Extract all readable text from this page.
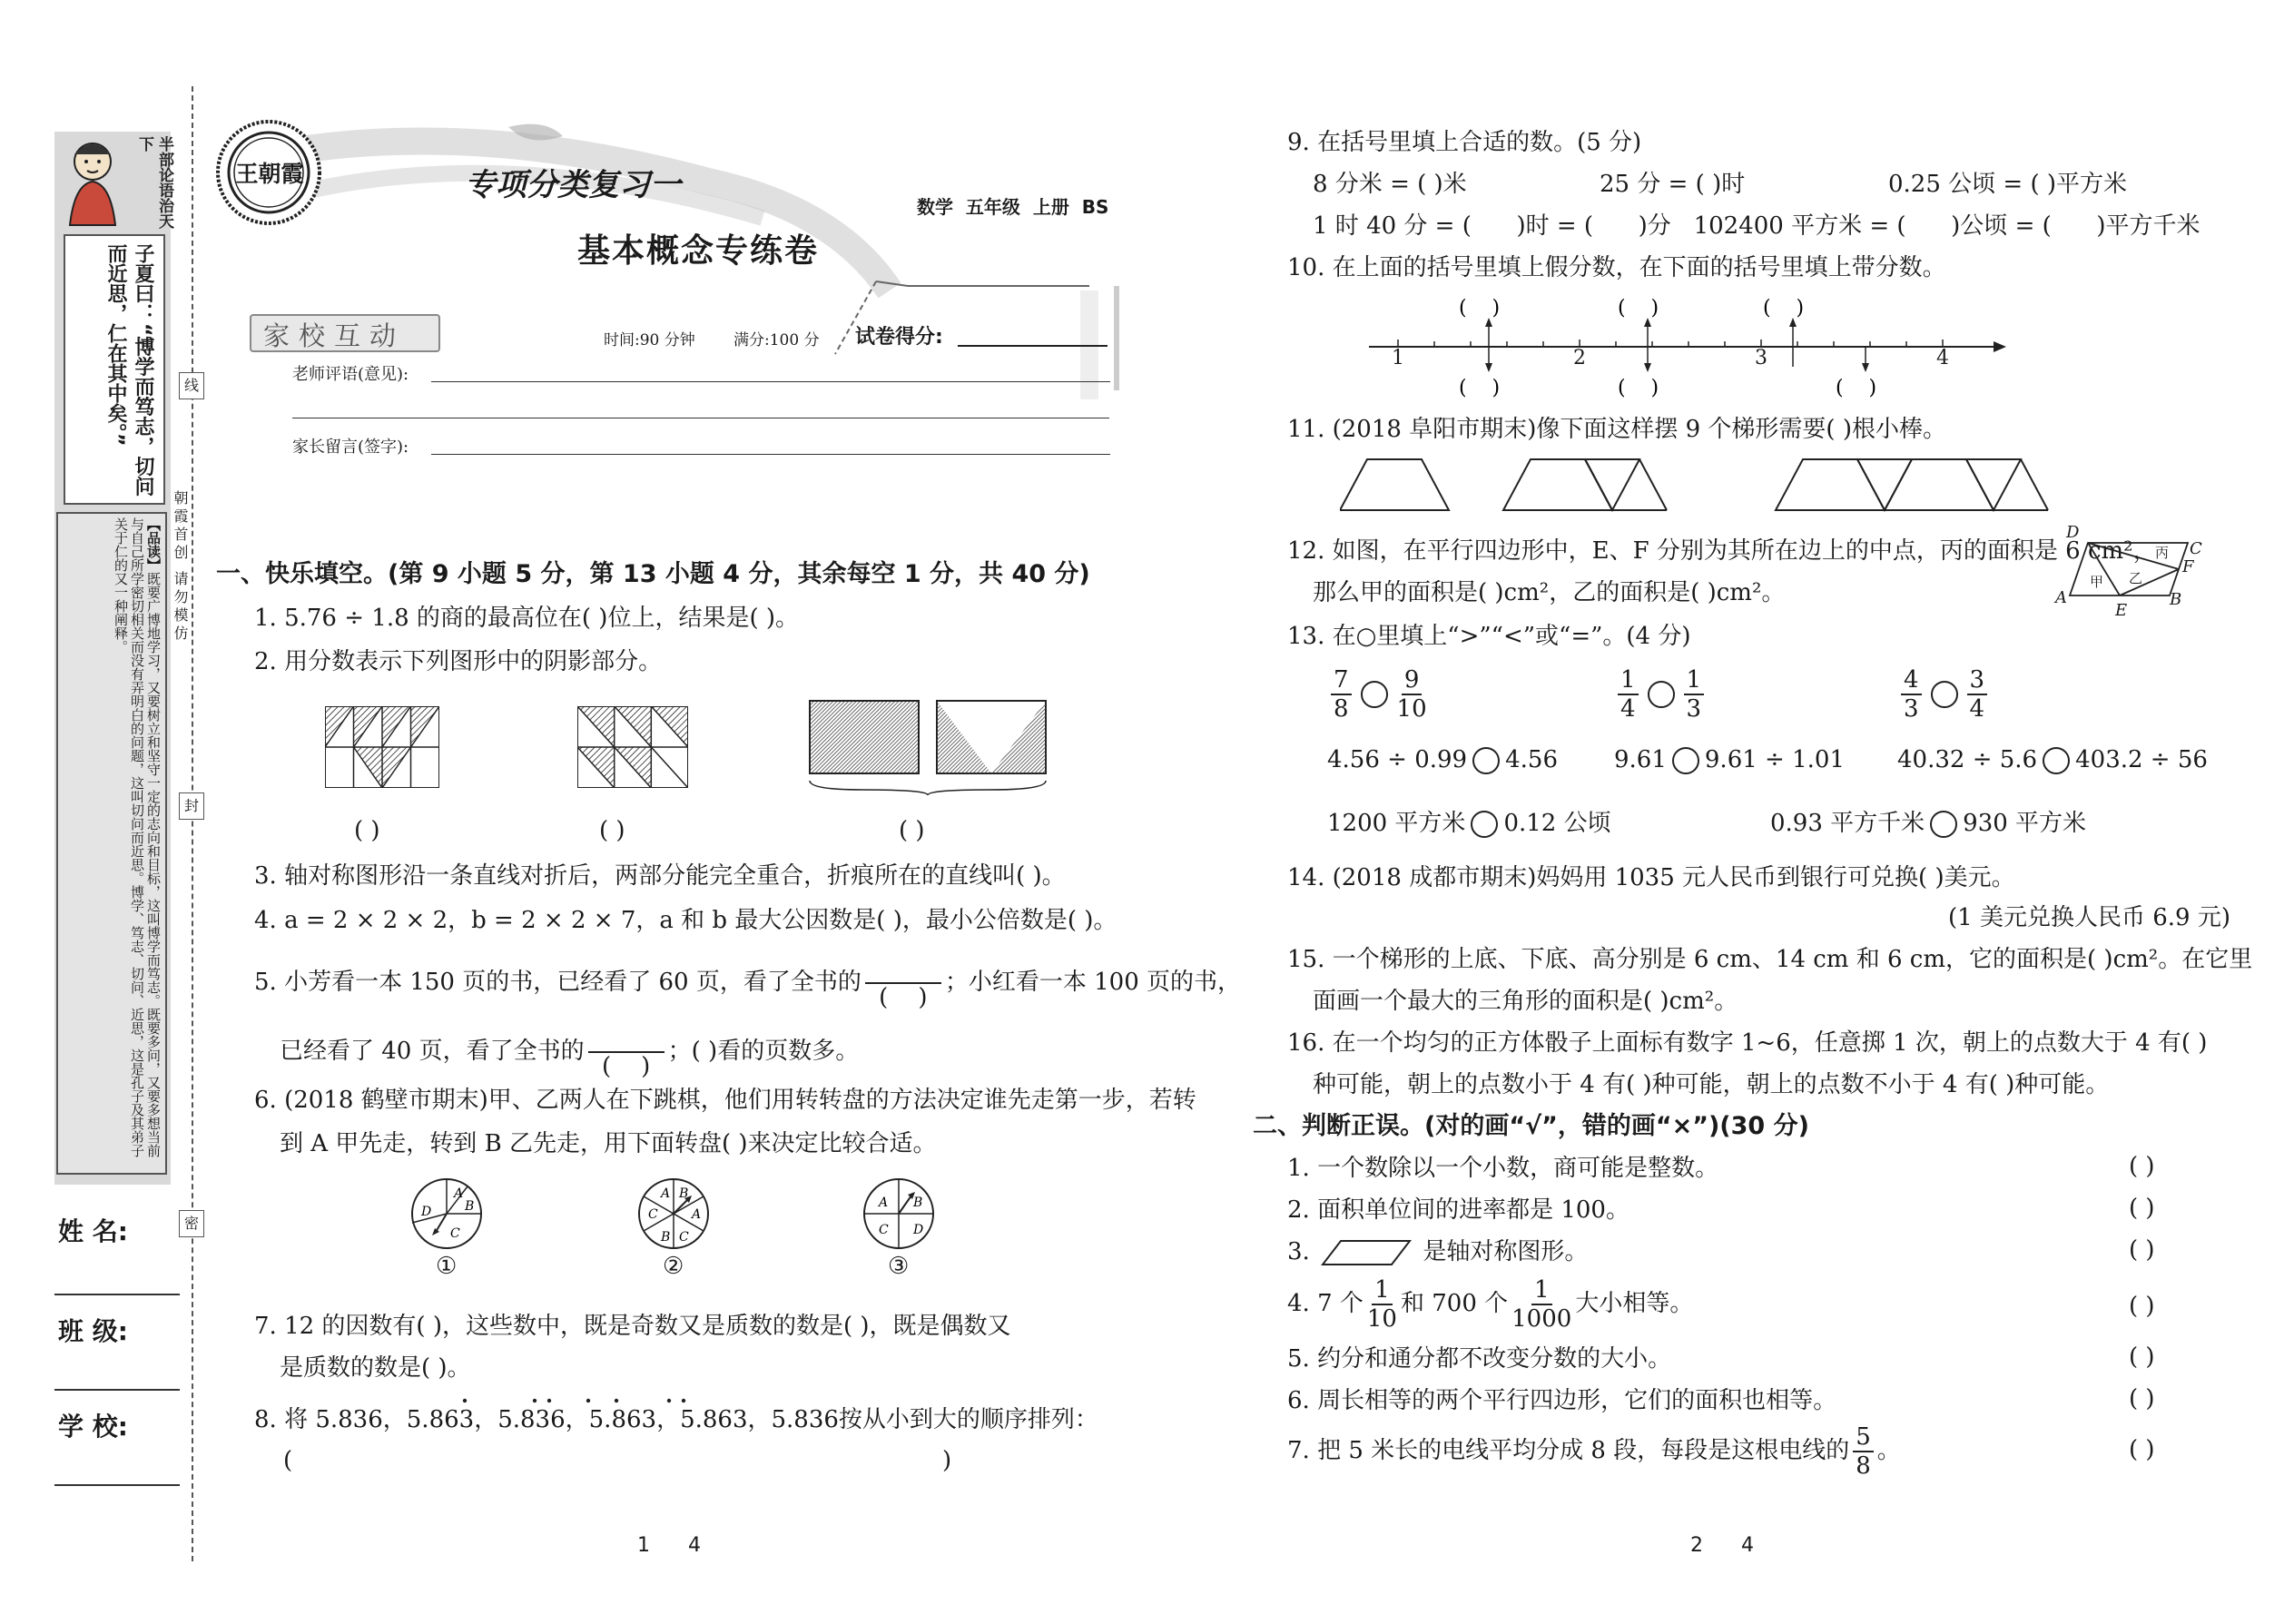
半部论语治天下
子夏曰：“博学而笃志，切问而近思，仁在其中矣。”
【品读】既要广博地学习，又要树立和坚守一定的志向和目标，这叫博学而笃志。既要多问，又要多想当前与自己所学密切相关而没有弄明白的问题，这叫切问而近思。博学、笃志、切问、近思，这是孔子及其弟子关于仁的又一种阐释。
姓 名:
班 级:
学 校:
线
封
密
朝霞首创 请勿模仿
王朝霞	专项分类复习一
数学  五年级  上册  BS
基本概念专练卷
家校互动	时间:90 分钟 满分:100 分 试卷得分:
老师评语(意见):
家长留言(签字):
一、快乐填空。(第 9 小题 5 分，第 13 小题 4 分，其余每空 1 分，共 40 分)
1. 5.76 ÷ 1.8 的商的最高位在( )位上，结果是( )。
2. 用分数表示下列图形中的阴影部分。
( )	( )	( )
3. 轴对称图形沿一条直线对折后，两部分能完全重合，折痕所在的直线叫( )。
4. a = 2 × 2 × 2，b = 2 × 2 × 7，a 和 b 最大公因数是( )，最小公倍数是( )。
5. 小芳看一本 150 页的书，已经看了 60 页，看了全书的

(    )
；小红看一本 100 页的书，
已经看了 40 页，看了全书的

(    )
；( )看的页数多。
6. (2018 鹤壁市期末)甲、乙两人在下跳棋，他们用转转盘的方法决定谁先走第一步，若转
到 A 甲先走，转到 B 乙先走，用下面转盘( )来决定比较合适。
A
B
D
C
A B
C	A
B C
A B
C D
①	②	③
7. 12 的因数有( )，这些数中，既是奇数又是质数的数是( )，既是偶数又
是质数的数是( )。
8. 将 5.836，5.863，5.836，5.863，5.863，5.836按从小到大的顺序排列：
(	)
1      4
9. 在括号里填上合适的数。(5 分)
8 分米 = ( )米	25 分 = ( )时	0.25 公顷 = ( )平方米
1 时 40 分 = (      )时 = (      )分   102400 平方米 = (      )公顷 = (      )平方千米
10. 在上面的括号里填上假分数，在下面的括号里填上带分数。
(    )	(    )	(    )
(    )	(    )	(    )
1	2	3	4
11. (2018 阜阳市期末)像下面这样摆 9 个梯形需要( )根小棒。
12. 如图，在平行四边形中，E、F 分别为其所在边上的中点，丙的面积是 6 cm²，
那么甲的面积是( )cm²，乙的面积是( )cm²。
D
C
F
A	B
E
甲 乙
丙
13. 在○里填上“>”“<”或“=”。(4 分)
$\frac{7}{8} \frac{9}{10}$	$\frac{1}{4} \frac{1}{3}$	$\frac{4}{3} \frac{3}{4}$
4.56 ÷ 0.99 4.56 9.61 9.61 ÷ 1.01 40.32 ÷ 5.6 403.2 ÷ 56
1200 平方米 0.12 公顷	0.93 平方千米 930 平方米
14. (2018 成都市期末)妈妈用 1035 元人民币到银行可兑换( )美元。
(1 美元兑换人民币 6.9 元)
15. 一个梯形的上底、下底、高分别是 6 cm、14 cm 和 6 cm，它的面积是( )cm²。在它里
面画一个最大的三角形的面积是( )cm²。
16. 在一个均匀的正方体骰子上面标有数字 1~6，任意掷 1 次，朝上的点数大于 4 有( )
种可能，朝上的点数小于 4 有( )种可能，朝上的点数不小于 4 有( )种可能。
二、判断正误。(对的画“√”，错的画“×”)(30 分)
1. 一个数除以一个小数，商可能是整数。	( )
2. 面积单位间的进率都是 100。	( )
3.	是轴对称图形。	( )
4. 7 个 $\frac{1}{10}$ 和 700 个 $\frac{1}{1000}$ 大小相等。	( )
5. 约分和通分都不改变分数的大小。	( )
6. 周长相等的两个平行四边形，它们的面积也相等。	( )
7. 把 5 米长的电线平均分成 8 段，每段是这根电线的 $\frac{5}{8}$ 。	( )
2      4
